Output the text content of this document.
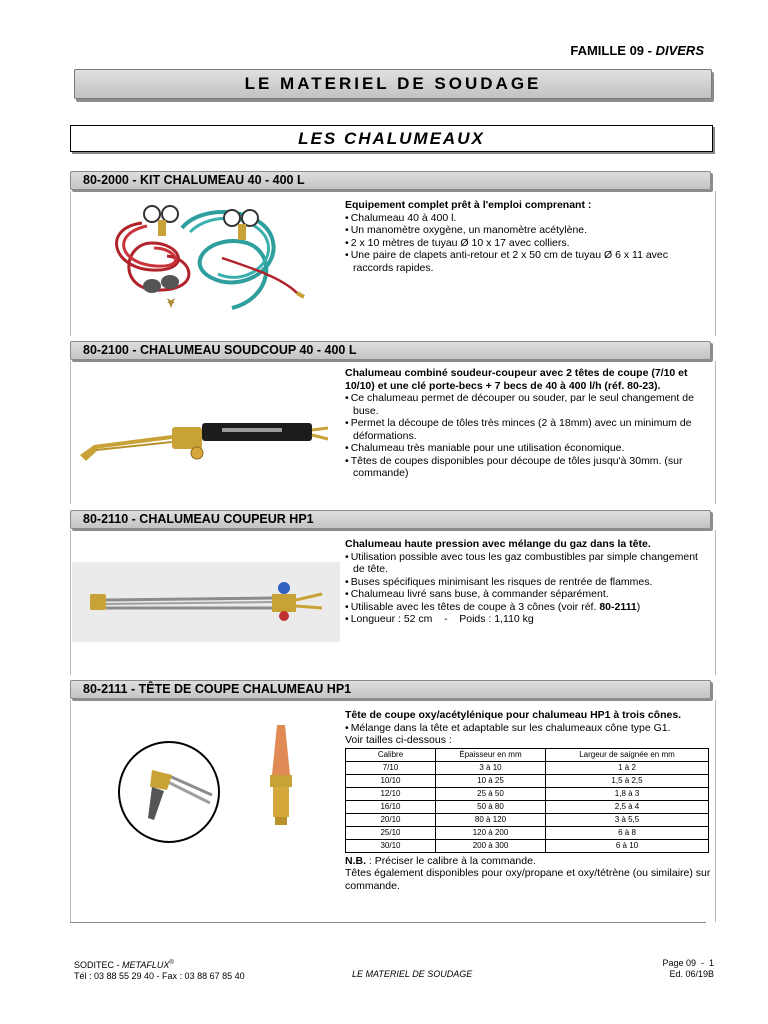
FAMILLE 09 - DIVERS
LE MATERIEL DE SOUDAGE
LES CHALUMEAUX
80-2000 - KIT CHALUMEAU 40 - 400 L
Equipement complet prêt à l'emploi comprenant :
• Chalumeau 40 à 400 l.
• Un manomètre oxygène, un manomètre acétylène.
• 2 x 10 mètres de tuyau Ø 10 x 17 avec colliers.
• Une paire de clapets anti-retour et 2 x 50 cm de tuyau Ø 6 x 11 avec raccords rapides.
80-2100 - CHALUMEAU SOUDCOUP 40 - 400 L
Chalumeau combiné soudeur-coupeur avec 2 têtes de coupe (7/10 et 10/10) et une clé porte-becs + 7 becs de 40 à 400 l/h (réf. 80-23).
• Ce chalumeau permet de découper ou souder, par le seul changement de buse.
• Permet la découpe de tôles très minces (2 à 18mm) avec un minimum de déformations.
• Chalumeau très maniable pour une utilisation économique.
• Têtes de coupes disponibles pour découpe de tôles jusqu'à 30mm. (sur commande)
80-2110 - CHALUMEAU COUPEUR HP1
Chalumeau haute pression avec mélange du gaz dans la tête.
• Utilisation possible avec tous les gaz combustibles par simple changement de tête.
• Buses spécifiques minimisant les risques de rentrée de flammes.
• Chalumeau livré sans buse, à commander séparément.
• Utilisable avec les têtes de coupe à 3 cônes (voir réf. 80-2111)
• Longueur : 52 cm    -    Poids : 1,110 kg
80-2111 - TÊTE DE COUPE CHALUMEAU HP1
Tête de coupe oxy/acétylénique pour chalumeau HP1 à trois cônes.
• Mélange dans la tête et adaptable sur les chalumeaux cône type G1.
Voir tailles ci-dessous :
Calibre	Épaisseur en mm	Largeur de saignée en mm
7/10	3 à 10	1 à 2
10/10	10 à 25	1,5 à 2,5
12/10	25 à 50	1,8 à 3
16/10	50 à 80	2,5 à 4
20/10	80 à 120	3 à 5,5
25/10	120 à 200	6 à 8
30/10	200 à 300	6 à 10
N.B. : Préciser le calibre à la commande.
Têtes également disponibles pour oxy/propane et oxy/tétrène (ou similaire) sur commande.
SODITEC - METAFLUX®
Tél : 03 88 55 29 40 - Fax : 03 88 67 85 40	LE MATERIEL DE SOUDAGE
Page 09  -  1
Ed. 06/19B
